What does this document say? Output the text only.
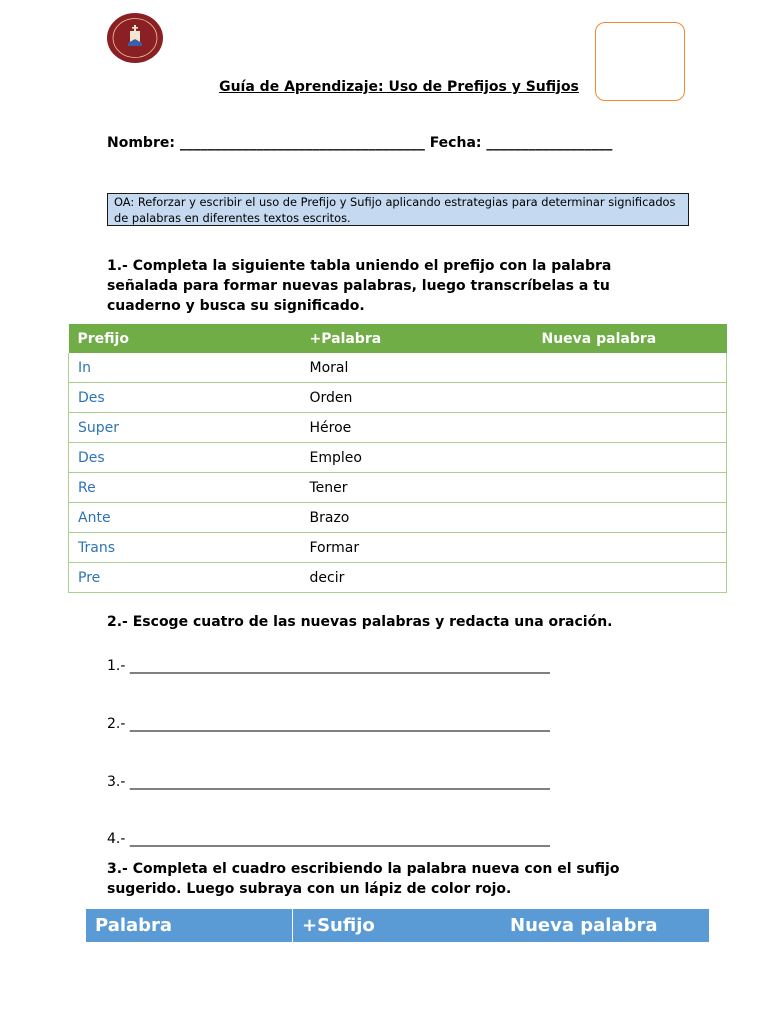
Guía de Aprendizaje: Uso de Prefijos y Sufijos
Nombre: ___________________________________ Fecha: __________________
OA: Reforzar y escribir el uso de Prefijo y Sufijo aplicando estrategias para determinar significados de palabras en diferentes textos escritos.
1.- Completa la siguiente tabla uniendo el prefijo con la palabra señalada para formar nuevas palabras, luego transcríbelas a tu cuaderno y busca su significado.
Prefijo	+Palabra	Nueva palabra
In	Moral	
Des	Orden	
Super	Héroe	
Des	Empleo	
Re	Tener	
Ante	Brazo	
Trans	Formar	
Pre	decir	
2.- Escoge cuatro de las nuevas palabras y redacta una oración.
1.- ____________________________________________________________
2.- ____________________________________________________________
3.- ____________________________________________________________
4.- ____________________________________________________________
3.- Completa el cuadro escribiendo la palabra nueva con el sufijo sugerido. Luego subraya con un lápiz de color rojo.
Palabra	+Sufijo	Nueva palabra
